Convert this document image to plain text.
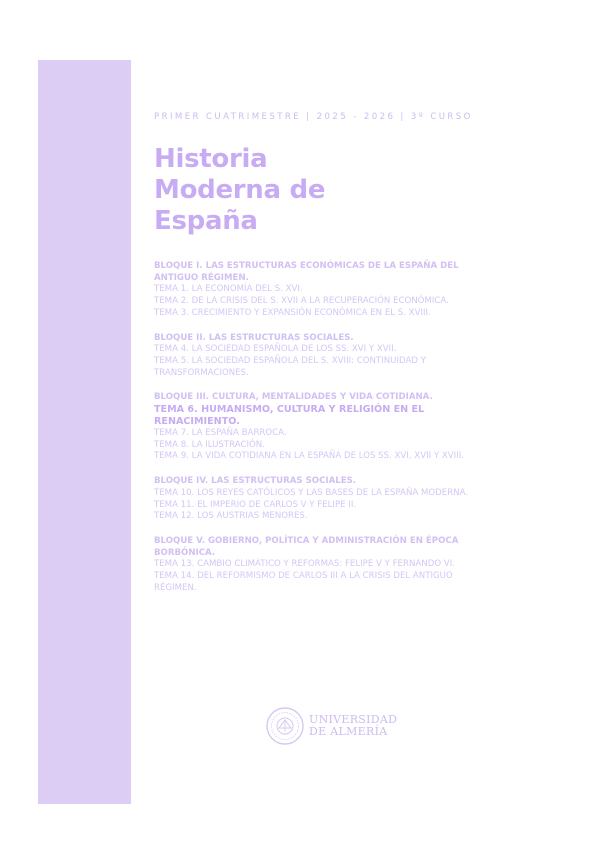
PRIMER CUATRIMESTRE | 2025 - 2026 | 3º CURSO

Historia
Moderna de
España
BLOQUE I. LAS ESTRUCTURAS ECONÓMICAS DE LA ESPAÑA DEL ANTIGUO RÉGIMEN.
TEMA 1. LA ECONOMÍA DEL S. XVI.
TEMA 2. DE LA CRISIS DEL S. XVII A LA RECUPERACIÓN ECONÓMICA.
TEMA 3. CRECIMIENTO Y EXPANSIÓN ECONÓMICA EN EL S. XVIII.
BLOQUE II. LAS ESTRUCTURAS SOCIALES.
TEMA 4. LA SOCIEDAD ESPAÑOLA DE LOS SS. XVI Y XVII.
TEMA 5. LA SOCIEDAD ESPAÑOLA DEL S. XVIII: CONTINUIDAD Y TRANSFORMACIONES.
BLOQUE III. CULTURA, MENTALIDADES Y VIDA COTIDIANA.
TEMA 6. HUMANISMO, CULTURA Y RELIGIÓN EN EL RENACIMIENTO.
TEMA 7. LA ESPAÑA BARROCA.
TEMA 8. LA ILUSTRACIÓN.
TEMA 9. LA VIDA COTIDIANA EN LA ESPAÑA DE LOS SS. XVI, XVII Y XVIII.
BLOQUE IV. LAS ESTRUCTURAS SOCIALES.
TEMA 10. LOS REYES CATÓLICOS Y LAS BASES DE LA ESPAÑA MODERNA.
TEMA 11. EL IMPERIO DE CARLOS V Y FELIPE II.
TEMA 12. LOS AUSTRIAS MENORES.
BLOQUE V. GOBIERNO, POLÍTICA Y ADMINISTRACIÓN EN ÉPOCA BORBÓNICA.
TEMA 13. CAMBIO CLIMÁTICO Y REFORMAS: FELIPE V Y FERNANDO VI.
TEMA 14. DEL REFORMISMO DE CARLOS III A LA CRISIS DEL ANTIGUO RÉGIMEN.
UNIVERSIDAD
DE ALMERÍA
